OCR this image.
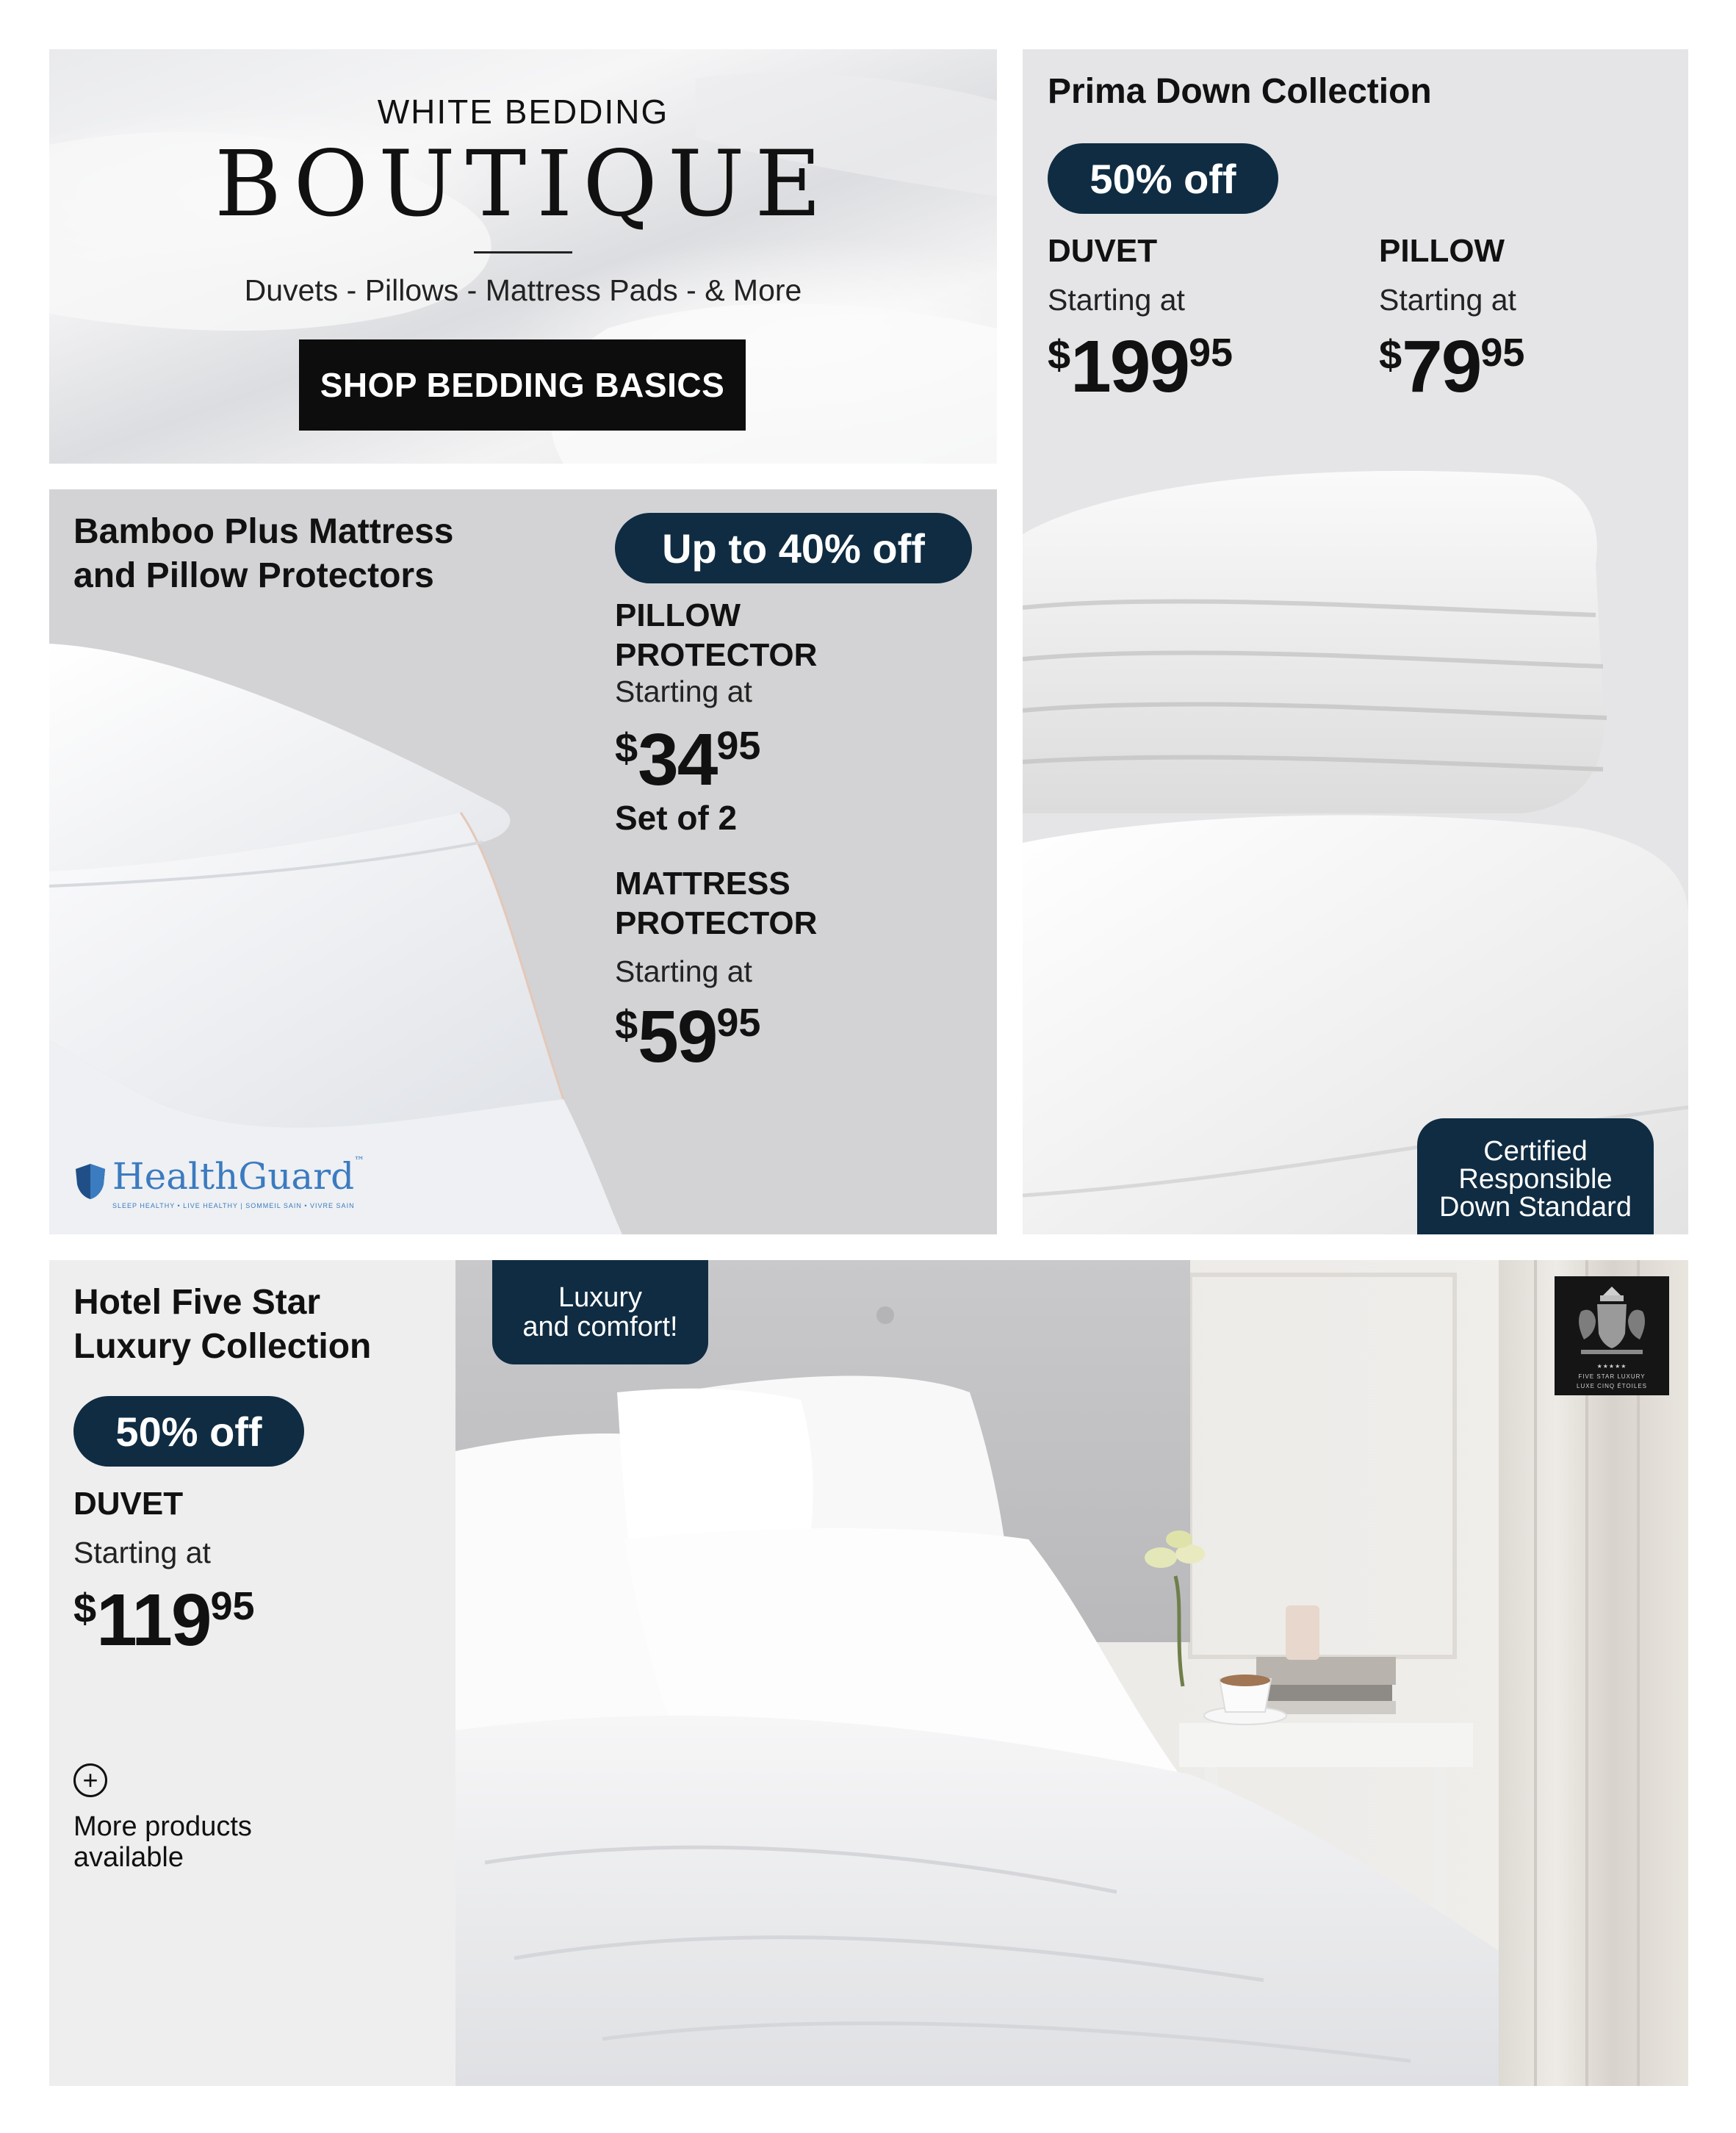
WHITE BEDDING
BOUTIQUE
Duvets - Pillows - Mattress Pads - & More
SHOP BEDDING BASICS
Bamboo Plus Mattress
and Pillow Protectors
Up to 40% off
PILLOW
PROTECTOR
Starting at
$3495
Set of 2
MATTRESS
PROTECTOR
Starting at
$5995
HealthGuard™
SLEEP HEALTHY • LIVE HEALTHY | SOMMEIL SAIN • VIVRE SAIN
Prima Down Collection
50% off
DUVET
Starting at
$19995
PILLOW
Starting at
$7995
Certified
Responsible
Down Standard
Hotel Five Star
Luxury Collection
50% off
DUVET
Starting at
$11995
+
More products
available
Luxury
and comfort!
★★★★★
FIVE STAR LUXURY
LUXE CINQ ÉTOILES
